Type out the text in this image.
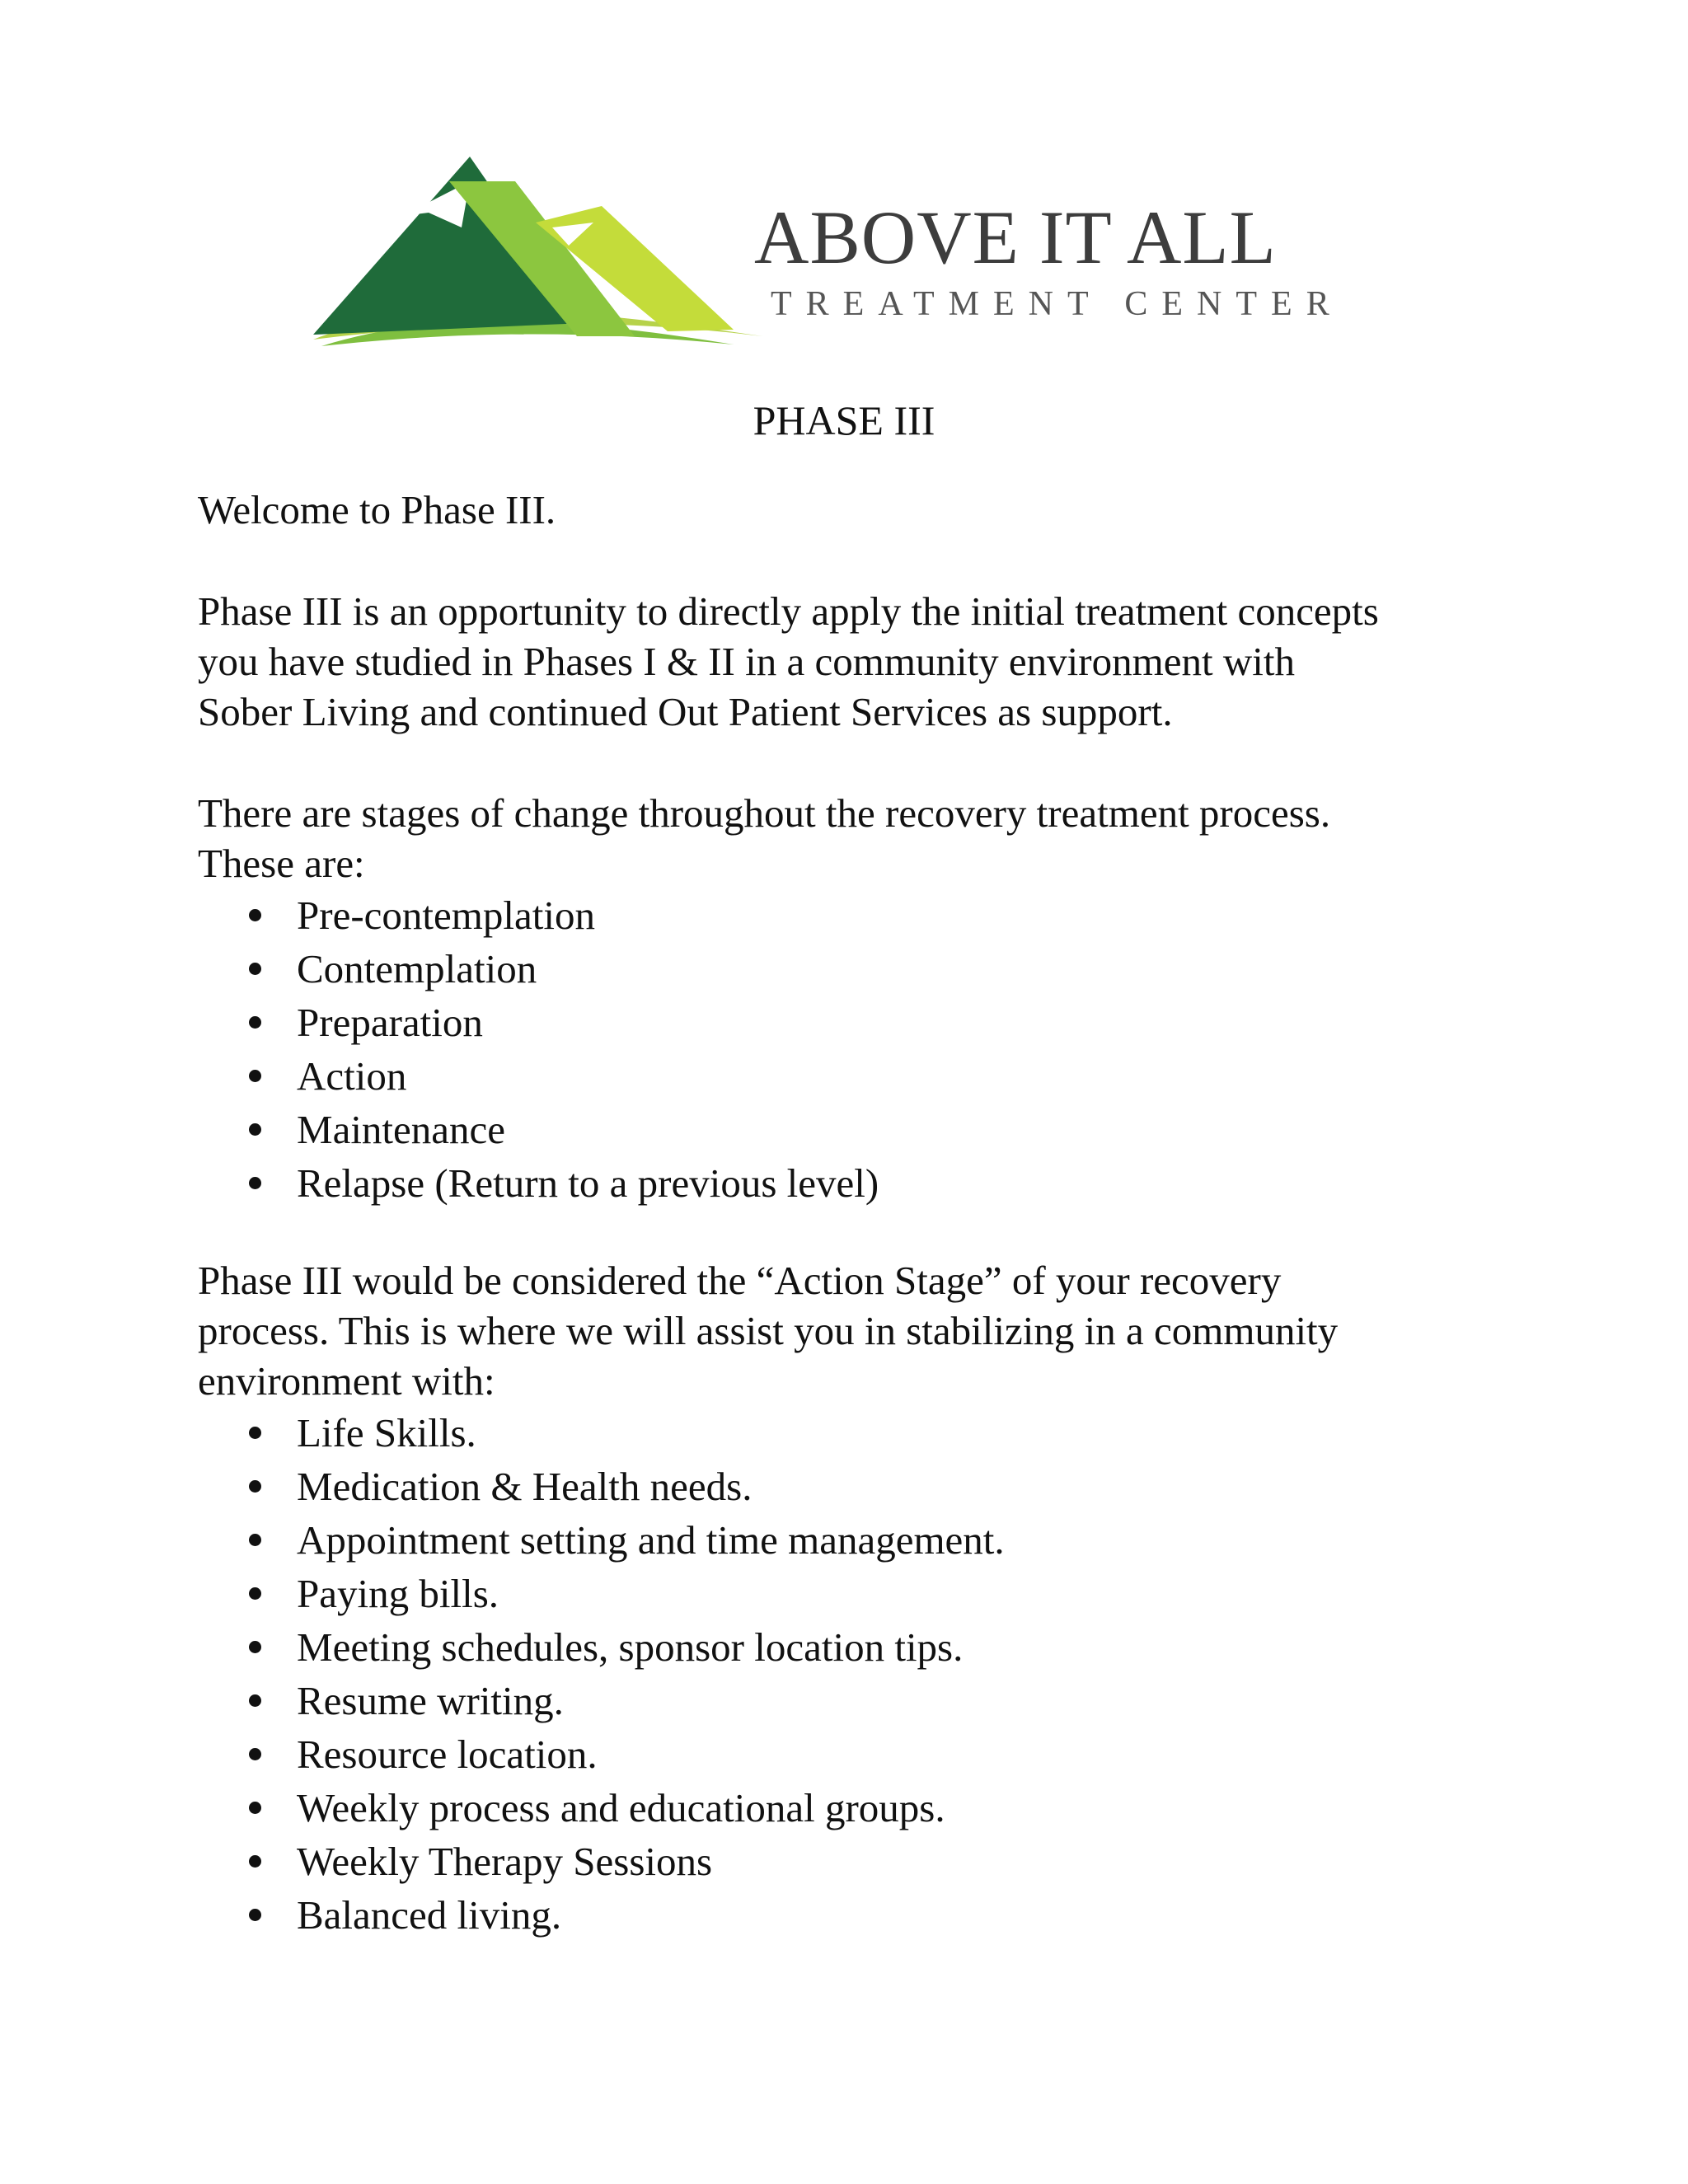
ABOVE IT ALL
TREATMENT CENTER
PHASE III

Welcome to Phase III.

Phase III is an opportunity to directly apply the initial treatment concepts

you have studied in Phases I & II in a community environment with

Sober Living and continued Out Patient Services as support.

There are stages of change throughout the recovery treatment process.

These are:

Pre-contemplation
Contemplation
Preparation
Action
Maintenance
Relapse (Return to a previous level)

Phase III would be considered the “Action Stage” of your recovery

process. This is where we will assist you in stabilizing in a community

environment with:

Life Skills.
Medication & Health needs.
Appointment setting and time management.
Paying bills.
Meeting schedules, sponsor location tips.
Resume writing.
Resource location.
Weekly process and educational groups.
Weekly Therapy Sessions
Balanced living.
